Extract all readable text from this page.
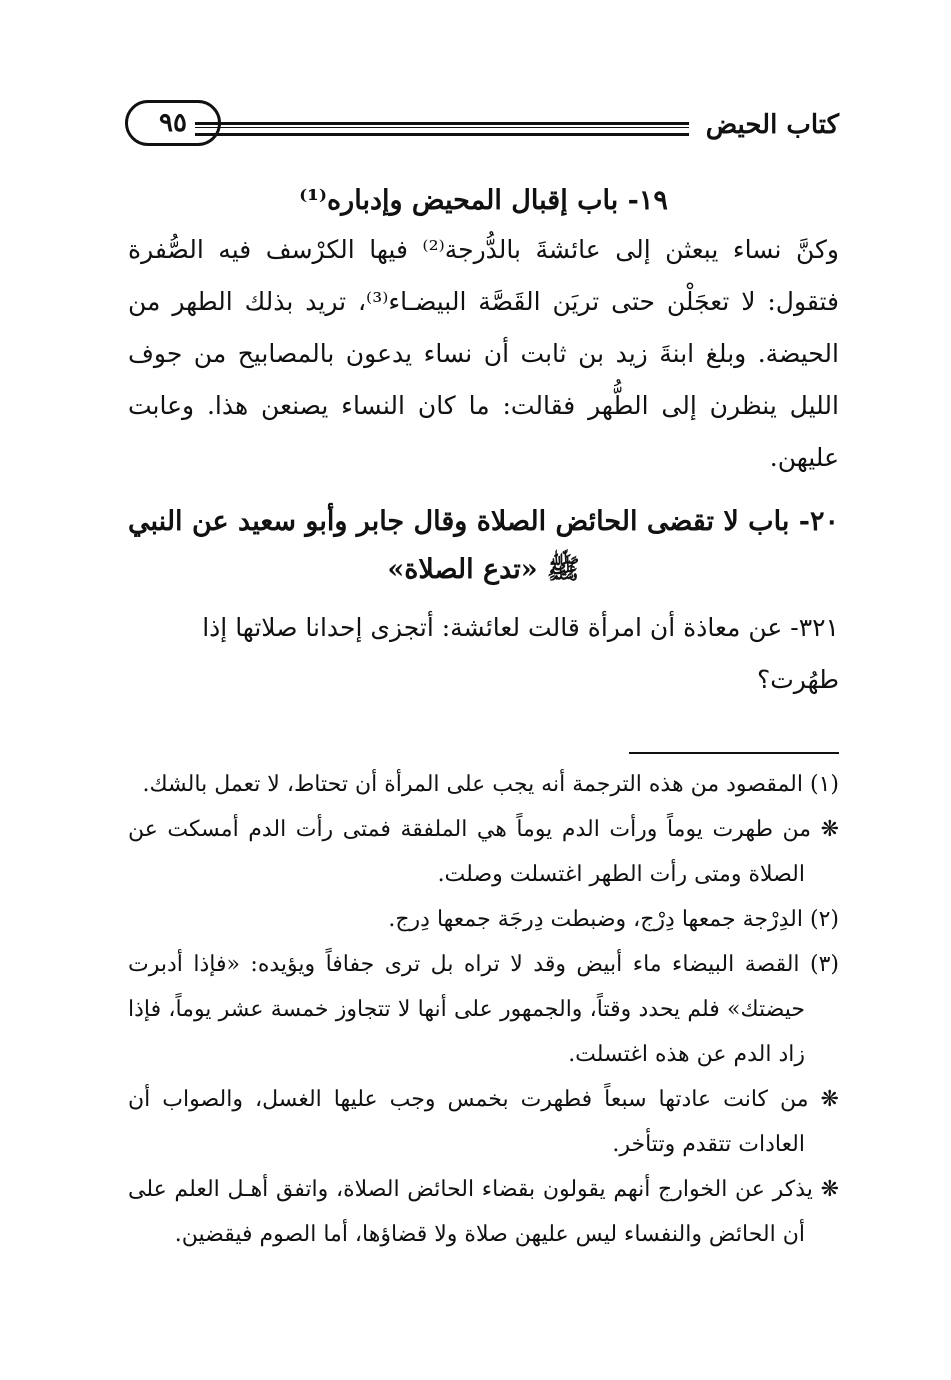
كتاب الحيض
٩٥

١٩- باب إقبال المحيض وإدباره⁽¹⁾

وكنَّ نساء يبعثن إلى عائشةَ بالدُّرجة⁽²⁾ فيها الكرْسف فيه الصُّفرة فتقول: لا تعجَلْن حتى تريَن القَصَّة البيضـاء⁽³⁾، تريد بذلك الطهر من الحيضة. وبلغ ابنةَ زيد بن ثابت أن نساء يدعون بالمصابيح من جوف الليل ينظرن إلى الطُّهر فقالت: ما كان النساء يصنعن هذا. وعابت عليهن.

٢٠- باب لا تقضى الحائض الصلاة وقال جابر وأبو سعيد عن النبي ﷺ «تدع الصلاة»

٣٢١- عن معاذة أن امرأة قالت لعائشة: أتجزى إحدانا صلاتها إذا طهُرت؟

(١) المقصود من هذه الترجمة أنه يجب على المرأة أن تحتاط، لا تعمل بالشك.

❋ من طهرت يوماً ورأت الدم يوماً هي الملفقة فمتى رأت الدم أمسكت عن الصلاة ومتى رأت الطهر اغتسلت وصلت.

(٢) الدِرْجة جمعها دِرْج، وضبطت دِرجَة جمعها دِرج.

(٣) القصة البيضاء ماء أبيض وقد لا تراه بل ترى جفافاً ويؤيده: «فإذا أدبرت حيضتك» فلم يحدد وقتاً، والجمهور على أنها لا تتجاوز خمسة عشر يوماً، فإذا زاد الدم عن هذه اغتسلت.

❋ من كانت عادتها سبعاً فطهرت بخمس وجب عليها الغسل، والصواب أن العادات تتقدم وتتأخر.

❋ يذكر عن الخوارج أنهم يقولون بقضاء الحائض الصلاة، واتفق أهـل العلم على أن الحائض والنفساء ليس عليهن صلاة ولا قضاؤها، أما الصوم فيقضين.
